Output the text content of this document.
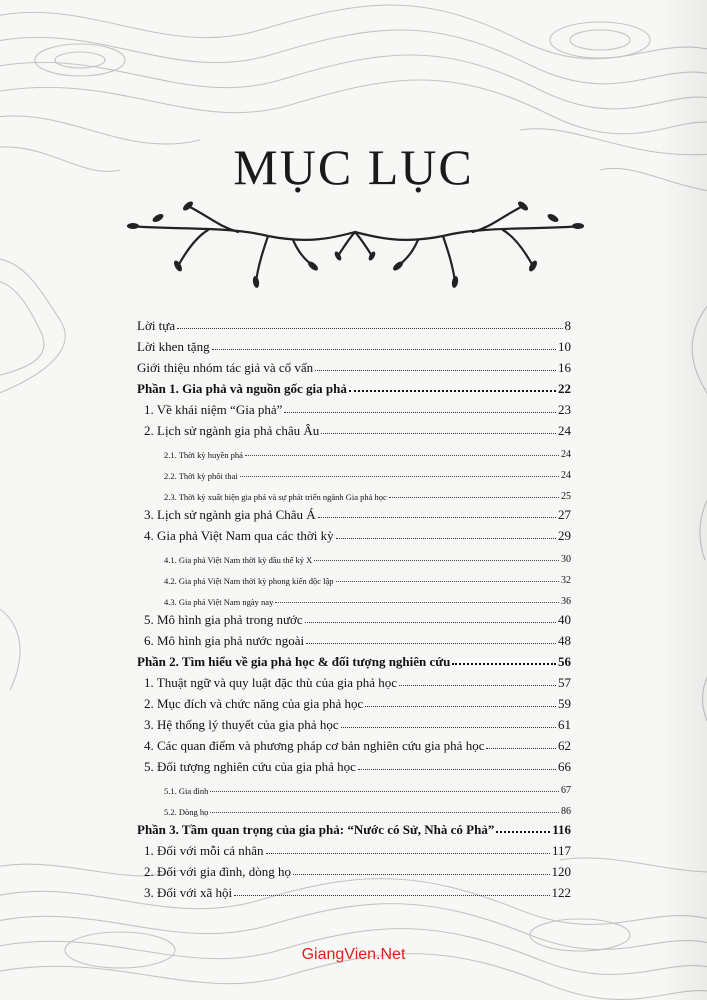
MỤC LỤC
Lời tựa	8
Lời khen tặng	10
Giới thiệu nhóm tác giả và cố vấn	16
Phần 1. Gia phả và nguồn gốc gia phả	22
1. Về khái niệm “Gia phả”	23
2. Lịch sử ngành gia phả châu Âu	24
2.1. Thời kỳ huyền phả	24
2.2. Thời kỳ phôi thai	24
2.3. Thời kỳ xuất hiện gia phả và sự phát triển ngành Gia phả học	25
3. Lịch sử ngành gia phả Châu Á	27
4. Gia phả Việt Nam qua các thời kỳ	29
4.1. Gia phả Việt Nam thời kỳ đầu thế kỷ X	30
4.2. Gia phả Việt Nam thời kỳ phong kiến độc lập	32
4.3. Gia phả Việt Nam ngày nay	36
5. Mô hình gia phả trong nước	40
6. Mô hình gia phả nước ngoài	48
Phần 2. Tìm hiểu về gia phả học & đối tượng nghiên cứu	56
1. Thuật ngữ và quy luật đặc thù của gia phả học	57
2. Mục đích và chức năng của gia phả học	59
3. Hệ thống lý thuyết của gia phả học	61
4. Các quan điểm và phương pháp cơ bản nghiên cứu gia phả học	62
5. Đối tượng nghiên cứu của gia phả học	66
5.1. Gia đình	67
5.2. Dòng họ	86
Phần 3. Tầm quan trọng của gia phả: “Nước có Sử, Nhà có Phả”	116
1. Đối với mỗi cá nhân	117
2. Đối với gia đình, dòng họ	120
3. Đối với xã hội	122
GiangVien.Net
